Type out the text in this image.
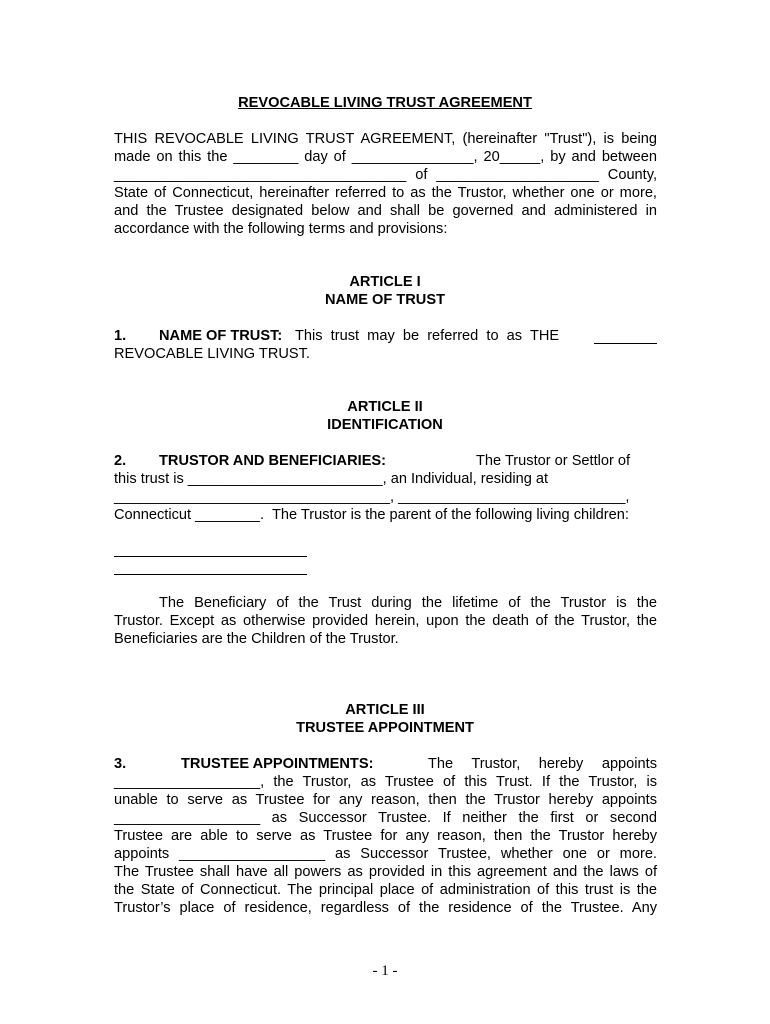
REVOCABLE LIVING TRUST AGREEMENT
THIS REVOCABLE LIVING TRUST AGREEMENT, (hereinafter "Trust"), is being
made on this the ________ day of _______________, 20_____, by and between
____________________________________ of ____________________ County,
State of Connecticut, hereinafter referred to as the Trustor, whether one or more,
and the Trustee designated below and shall be governed and administered in
accordance with the following terms and provisions:
ARTICLE I
NAME OF TRUST
1. NAME OF TRUST: This  trust  may  be  referred  to  as  THE
REVOCABLE LIVING TRUST.
ARTICLE II
IDENTIFICATION
2. TRUSTOR AND BENEFICIARIES:	The Trustor or Settlor of
this trust is ________________________, an Individual, residing at
__________________________________, ____________________________,
Connecticut ________.  The Trustor is the parent of the following living children:
The Beneficiary of the Trust during the lifetime of the Trustor is the
Trustor. Except as otherwise provided herein, upon the death of the Trustor, the
Beneficiaries are the Children of the Trustor.
ARTICLE III
TRUSTEE APPOINTMENT
3.	TRUSTEE APPOINTMENTS:	The  Trustor,  hereby  appoints
__________________, the Trustor, as Trustee of this Trust. If the Trustor, is
unable to serve as Trustee for any reason, then the Trustor hereby appoints
__________________ as Successor Trustee. If neither the first or second
Trustee are able to serve as Trustee for any reason, then the Trustor hereby
appoints __________________ as Successor Trustee, whether one or more.
The Trustee shall have all powers as provided in this agreement and the laws of
the State of Connecticut. The principal place of administration of this trust is the
Trustor’s place of residence, regardless of the residence of the Trustee. Any
- 1 -
